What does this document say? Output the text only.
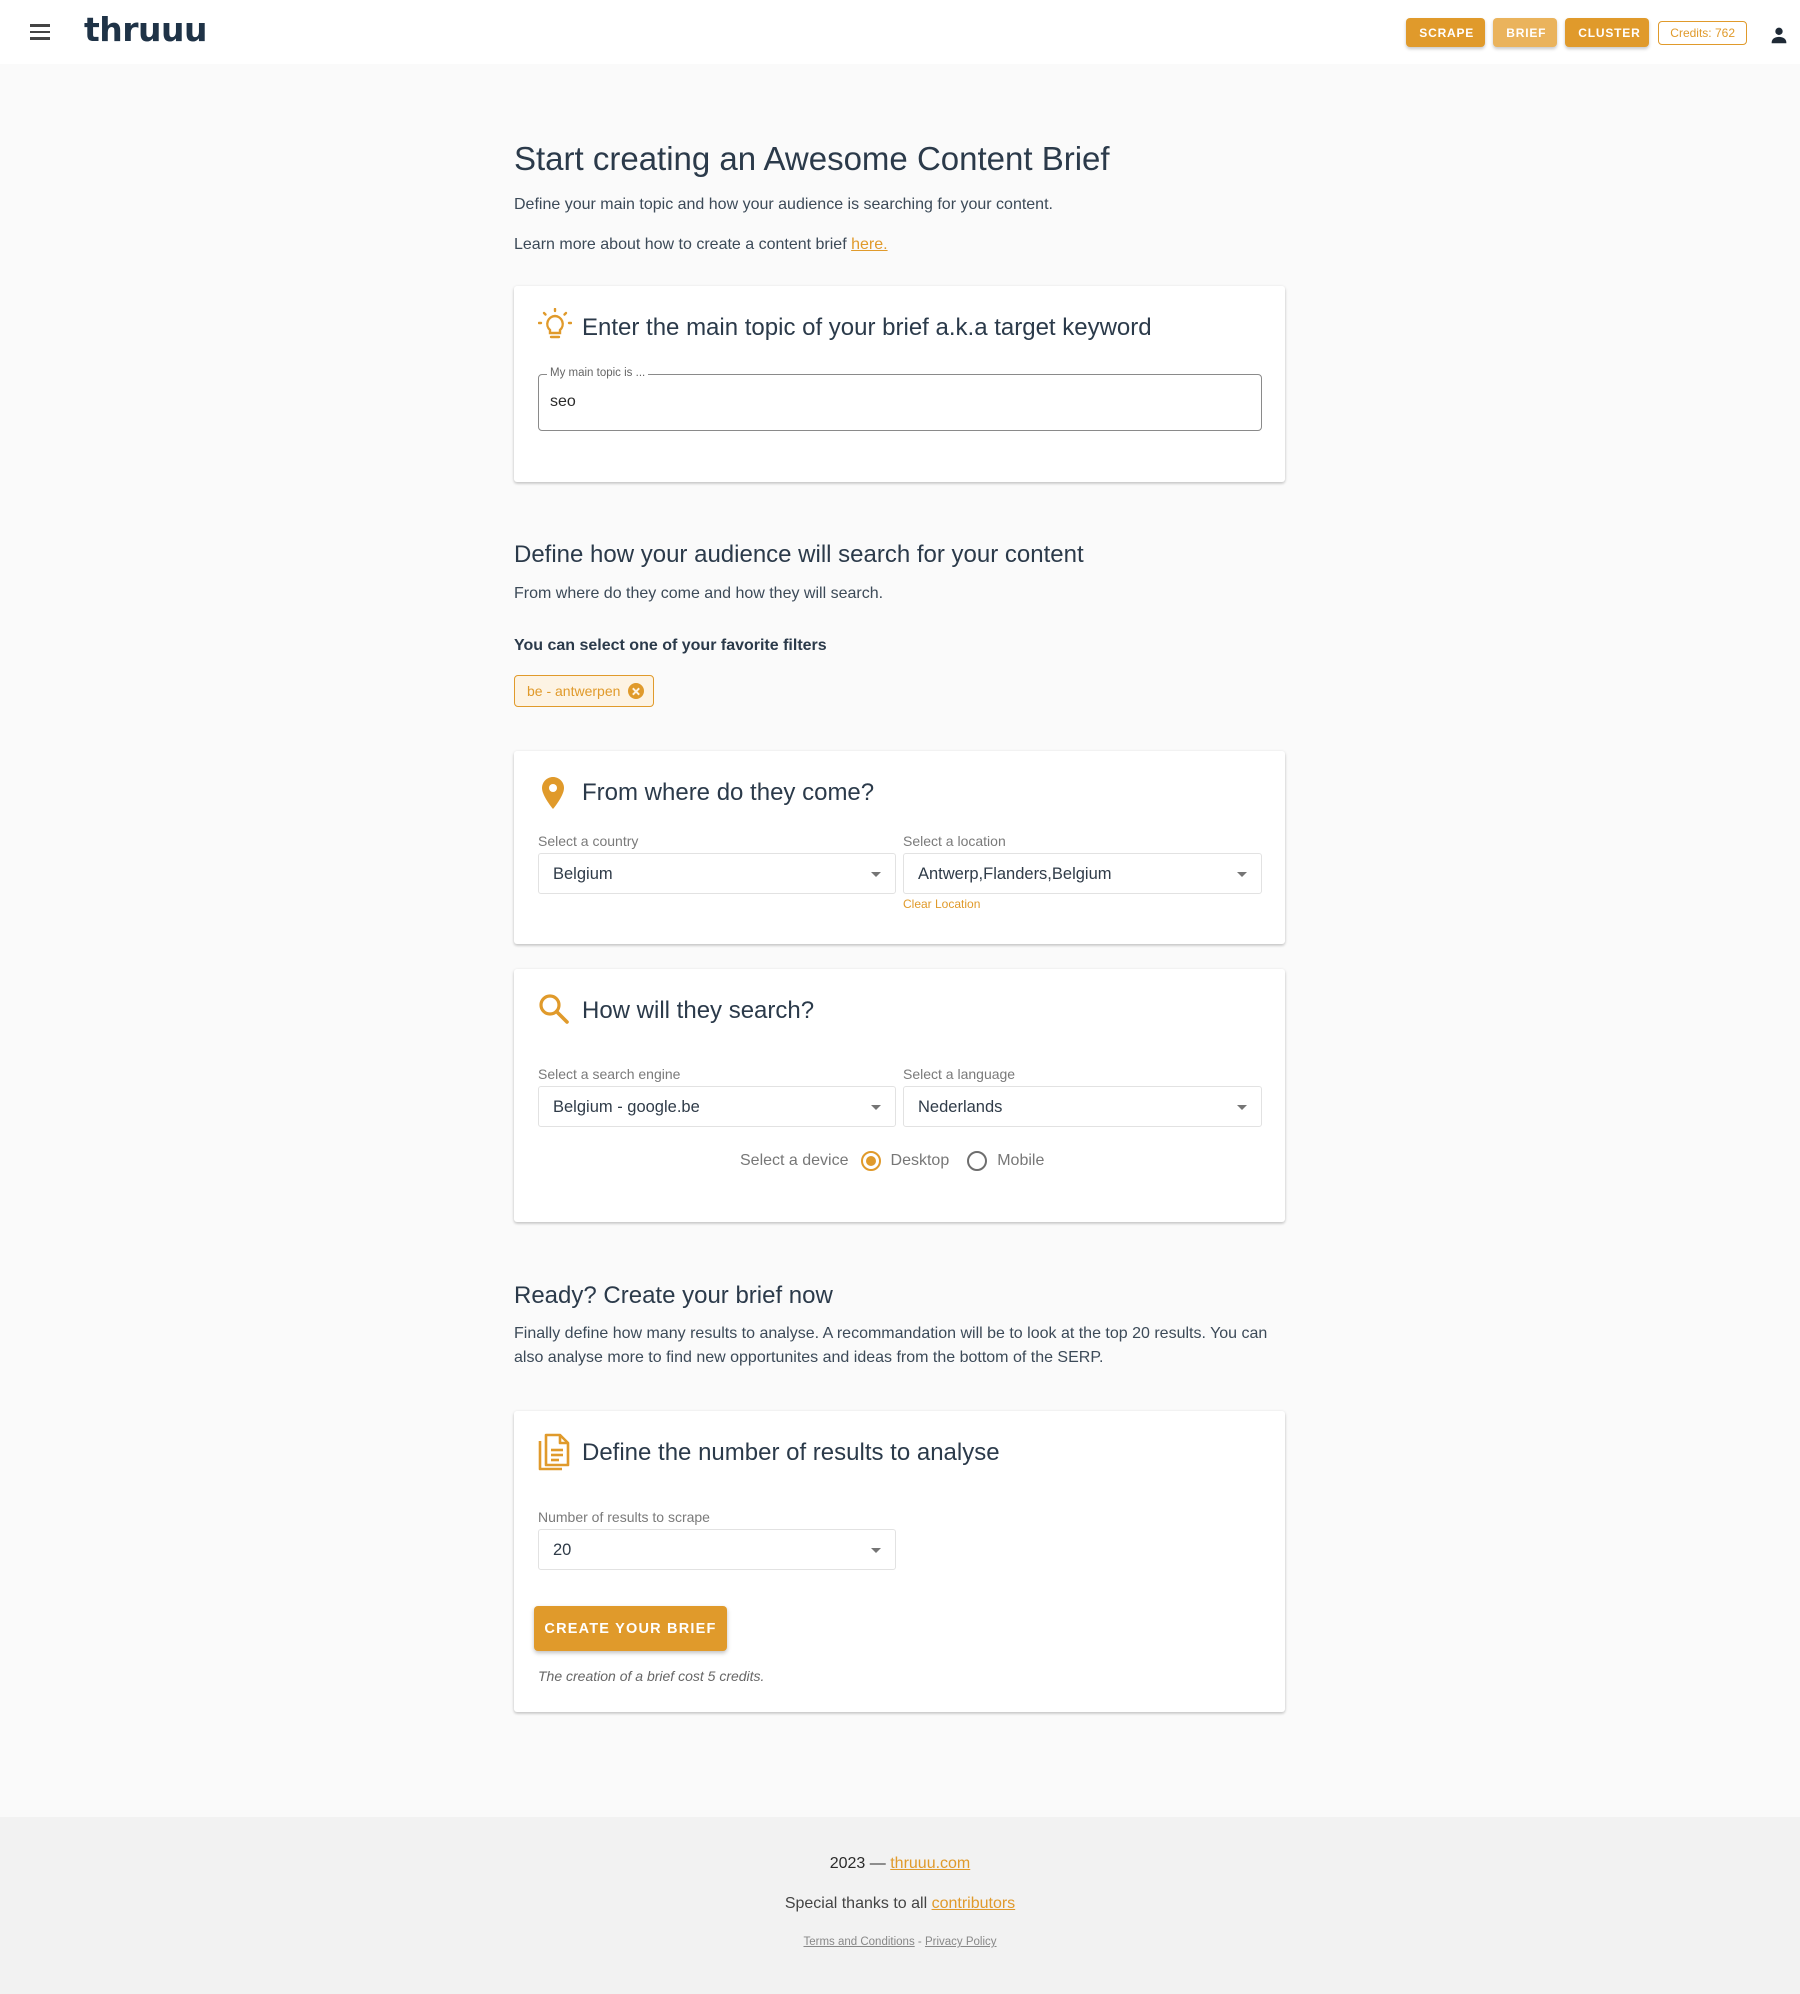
thruuu	SCRAPE	BRIEF	CLUSTER	Credits: 762
Start creating an Awesome Content Brief
Define your main topic and how your audience is searching for your content.
Learn more about how to create a content brief here.
Enter the main topic of your brief a.k.a target keyword
My main topic is ...
seo
Define how your audience will search for your content
From where do they come and how they will search.
You can select one of your favorite filters
be - antwerpen
From where do they come?
Select a country
Belgium
Select a location
Antwerp,Flanders,Belgium
Clear Location
How will they search?
Select a search engine
Belgium - google.be
Select a language
Nederlands
Select a device	Desktop	Mobile
Ready? Create your brief now
Finally define how many results to analyse. A recommandation will be to look at the top 20 results. You can
also analyse more to find new opportunites and ideas from the bottom of the SERP.
Define the number of results to analyse
Number of results to scrape
20
CREATE YOUR BRIEF
The creation of a brief cost 5 credits.
2023 — thruuu.com
Special thanks to all contributors
Terms and Conditions - Privacy Policy
